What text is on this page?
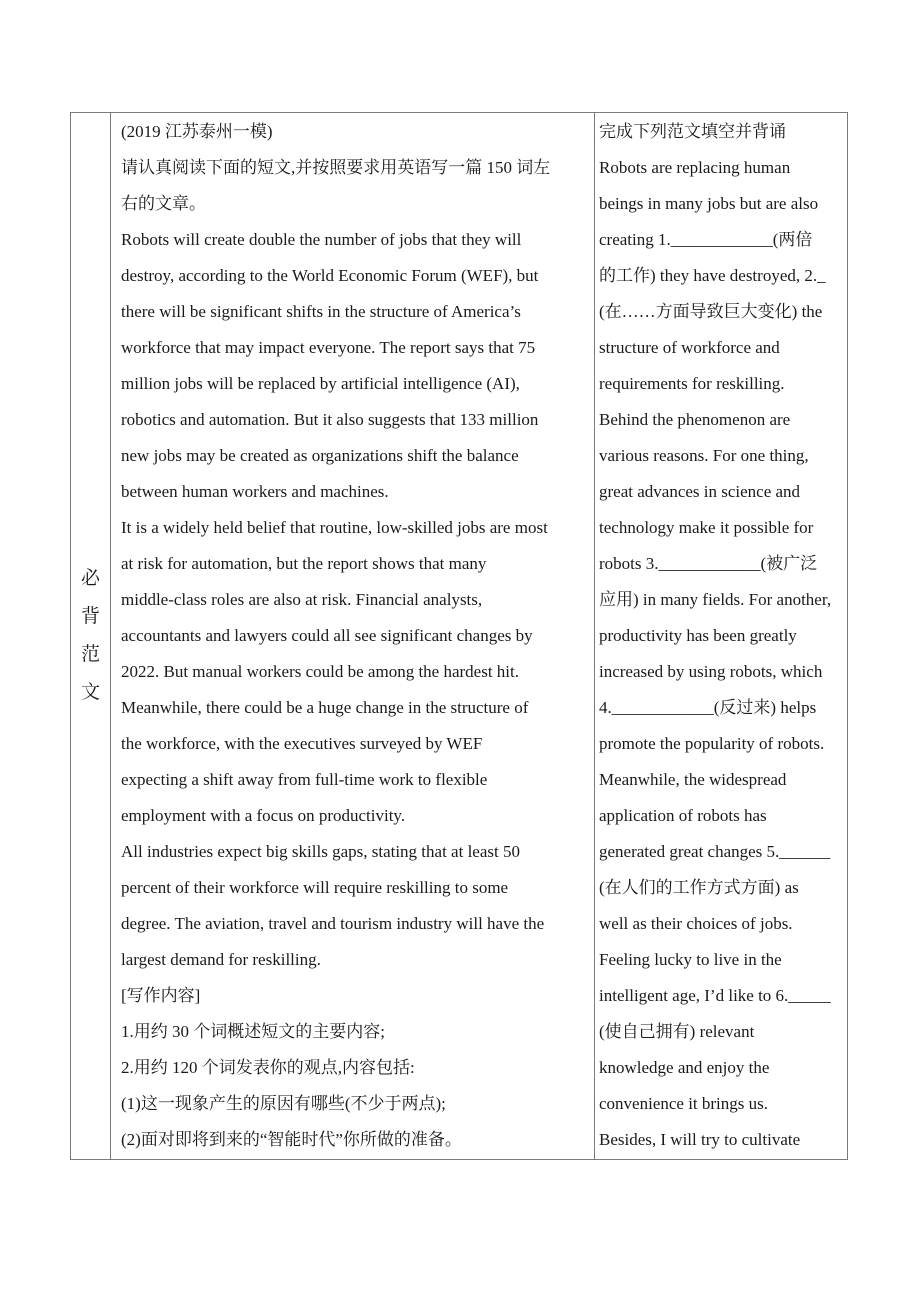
必
背
范
文
(2019 江苏泰州一模)
请认真阅读下面的短文,并按照要求用英语写一篇 150 词左
右的文章。
Robots will create double the number of jobs that they will
destroy, according to the World Economic Forum (WEF), but
there will be significant shifts in the structure of America’s
workforce that may impact everyone. The report says that 75
million jobs will be replaced by artificial intelligence (AI),
robotics and automation. But it also suggests that 133 million
new jobs may be created as organizations shift the balance
between human workers and machines.
It is a widely held belief that routine, low-skilled jobs are most
at risk for automation, but the report shows that many
middle-class roles are also at risk. Financial analysts,
accountants and lawyers could all see significant changes by
2022. But manual workers could be among the hardest hit.
Meanwhile, there could be a huge change in the structure of
the workforce, with the executives surveyed by WEF
expecting a shift away from full-time work to flexible
employment with a focus on productivity.
All industries expect big skills gaps, stating that at least 50
percent of their workforce will require reskilling to some
degree. The aviation, travel and tourism industry will have the
largest demand for reskilling.
[写作内容]
1.用约 30 个词概述短文的主要内容;
2.用约 120 个词发表你的观点,内容包括:
(1)这一现象产生的原因有哪些(不少于两点);
(2)面对即将到来的“智能时代”你所做的准备。
完成下列范文填空并背诵
Robots are replacing human
beings in many jobs but are also
creating 1.____________(两倍
的工作) they have destroyed, 2._
(在……方面导致巨大变化) the
structure of workforce and
requirements for reskilling.
Behind the phenomenon are
various reasons. For one thing,
great advances in science and
technology make it possible for
robots 3.____________(被广泛
应用) in many fields. For another,
productivity has been greatly
increased by using robots, which
4.____________(反过来) helps
promote the popularity of robots.
Meanwhile, the widespread
application of robots has
generated great changes 5.______
(在人们的工作方式方面) as
well as their choices of jobs.
Feeling lucky to live in the
intelligent age, I’d like to 6._____
(使自己拥有) relevant
knowledge and enjoy the
convenience it brings us.
Besides, I will try to cultivate
